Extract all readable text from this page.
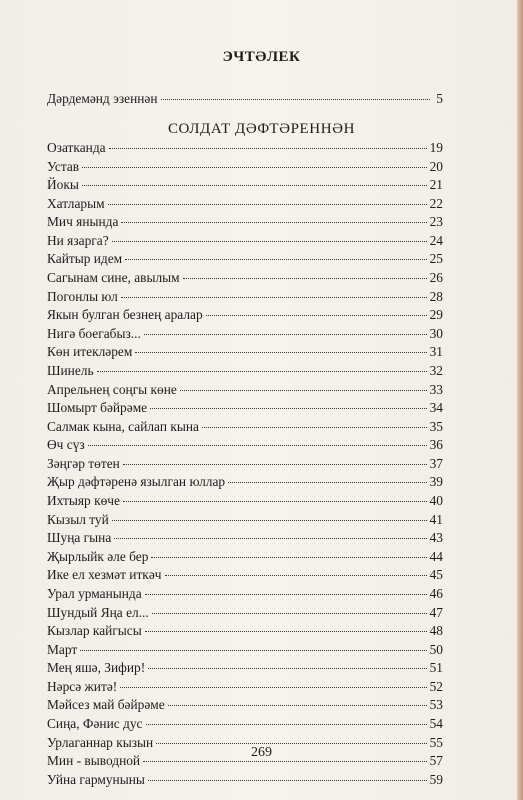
ЭЧТӘЛЕК
Дәрдемәнд эзеннән	5
СОЛДАТ ДӘФТӘРЕННӘН
Озатканда	19
Устав	20
Йокы	21
Хатларым	22
Мич янында	23
Ни язарга?	24
Кайтыр идем	25
Сагынам сине, авылым	26
Погонлы юл	28
Якын булган безнең аралар	29
Нигә боегабыз...	30
Көн итекләрем	31
Шинель	32
Апрельнең соңгы көне	33
Шомырт бәйрәме	34
Салмак кына, сайлап кына	35
Өч сүз	36
Зәңгәр төтен	37
Җыр дәфтәренә язылган юллар	39
Ихтыяр көче	40
Кызыл туй	41
Шуңа гына	43
Җырлыйк әле бер	44
Ике ел хезмәт иткәч	45
Урал урманында	46
Шундый Яңа ел...	47
Кызлар кайгысы	48
Март	50
Мең яшә, Зифир!	51
Нәрсә житә!	52
Мәйсез май бәйрәме	53
Сиңа, Фәнис дус	54
Урлаганнар кызын	55
Мин - выводной	57
Уйна гармуныны	59
269
